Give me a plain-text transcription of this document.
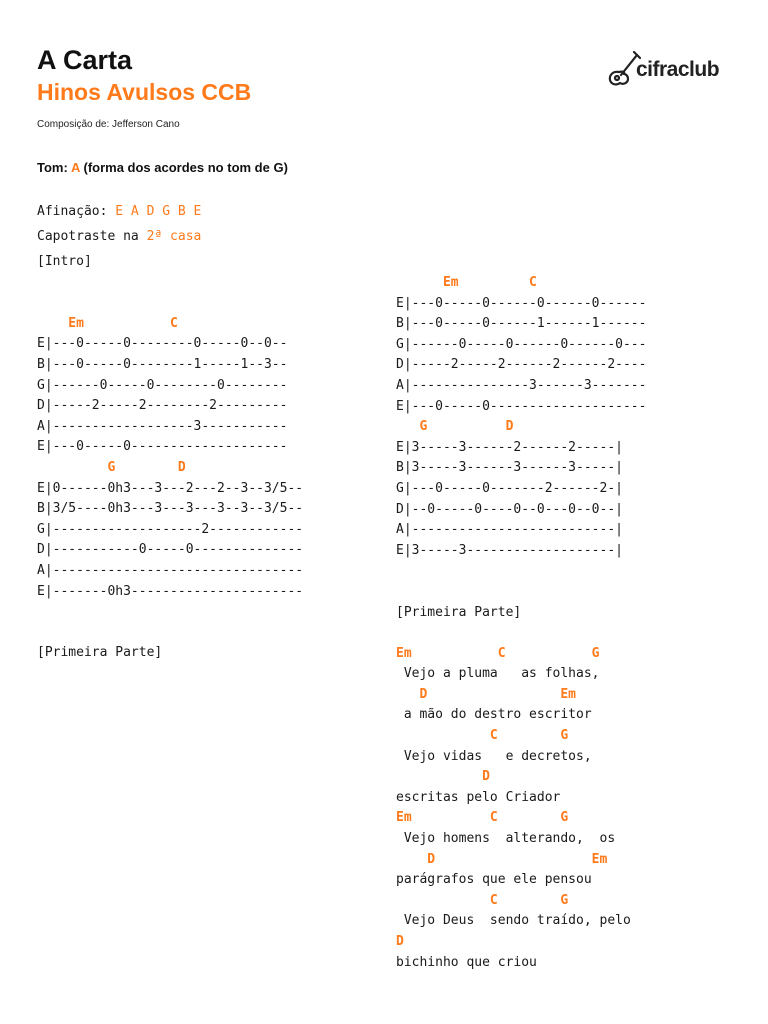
A Carta
Hinos Avulsos CCB
Composição de: Jefferson Cano
cifraclub
Tom: A (forma dos acordes no tom de G)
Afinação: E A D G B E
Capotraste na 2ª casa
[Intro]
Em           C
E|---0-----0--------0-----0--0--
B|---0-----0--------1-----1--3--
G|------0-----0--------0--------
D|-----2-----2--------2---------
A|------------------3-----------
E|---0-----0--------------------
G        D
E|0------0h3---3---2---2--3--3/5--
B|3/5----0h3---3---3---3--3--3/5--
G|-------------------2------------
D|-----------0-----0--------------
A|--------------------------------
E|-------0h3----------------------
[Primeira Parte]
Em         C
E|---0-----0------0------0------
B|---0-----0------1------1------
G|------0-----0------0------0---
D|-----2-----2------2------2----
A|---------------3------3-------
E|---0-----0--------------------
G          D
E|3-----3------2------2-----|
B|3-----3------3------3-----|
G|---0-----0-------2------2-|
D|--0-----0----0--0---0--0--|
A|--------------------------|
E|3-----3-------------------|
[Primeira Parte]
Em           C           G
Vejo a pluma   as folhas,
D                 Em
a mão do destro escritor
C        G
Vejo vidas   e decretos,
D
escritas pelo Criador
Em          C        G
Vejo homens  alterando,  os
D                    Em
parágrafos que ele pensou
C        G
Vejo Deus  sendo traído, pelo
D
bichinho que criou
